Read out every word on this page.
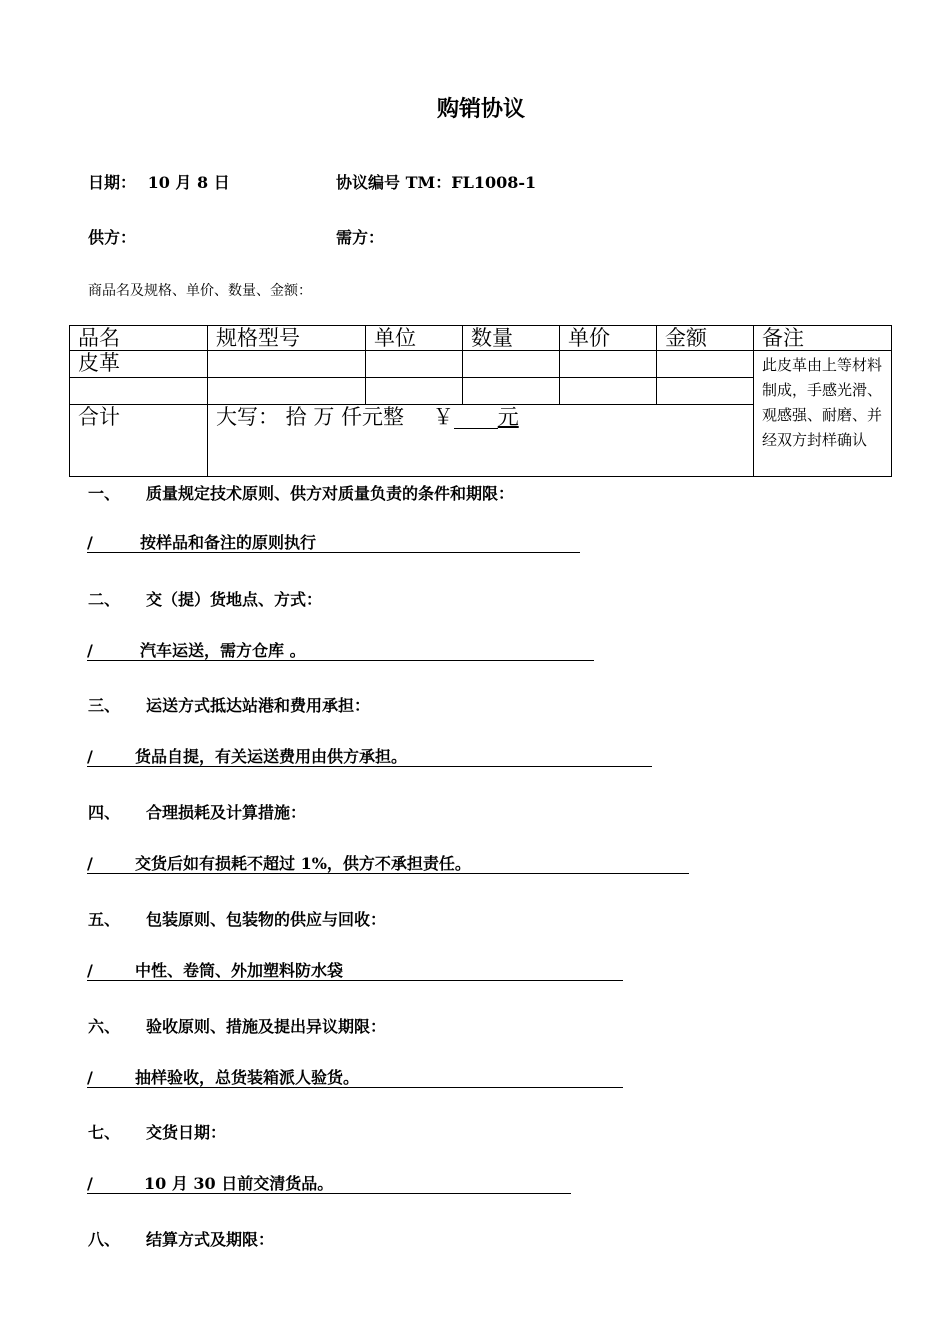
购销协议
日期： 10 月 8 日	协议编号 TM：FL1008-1
供方：	需方：
商品名及规格、单价、数量、金额：
品名	规格型号	单位	数量	单价	金额	备注
皮革						此皮革由上等材料制成，手感光滑、观感强、耐磨、并经双方封样确认

合计	大写： 拾 万 仟元整 ￥ 元					
一、 质量规定技术原则、供方对质量负责的条件和期限：
/	按样品和备注的原则执行
二、 交（提）货地点、方式：
/	汽车运送，需方仓库 。
三、 运送方式抵达站港和费用承担：
/	货品自提，有关运送费用由供方承担。
四、 合理损耗及计算措施：
/	交货后如有损耗不超过 1%，供方不承担责任。
五、 包装原则、包装物的供应与回收：
/	中性、卷筒、外加塑料防水袋
六、 验收原则、措施及提出异议期限：
/	抽样验收，总货装箱派人验货。
七、 交货日期：
/	10 月 30 日前交清货品。
八、 结算方式及期限：
